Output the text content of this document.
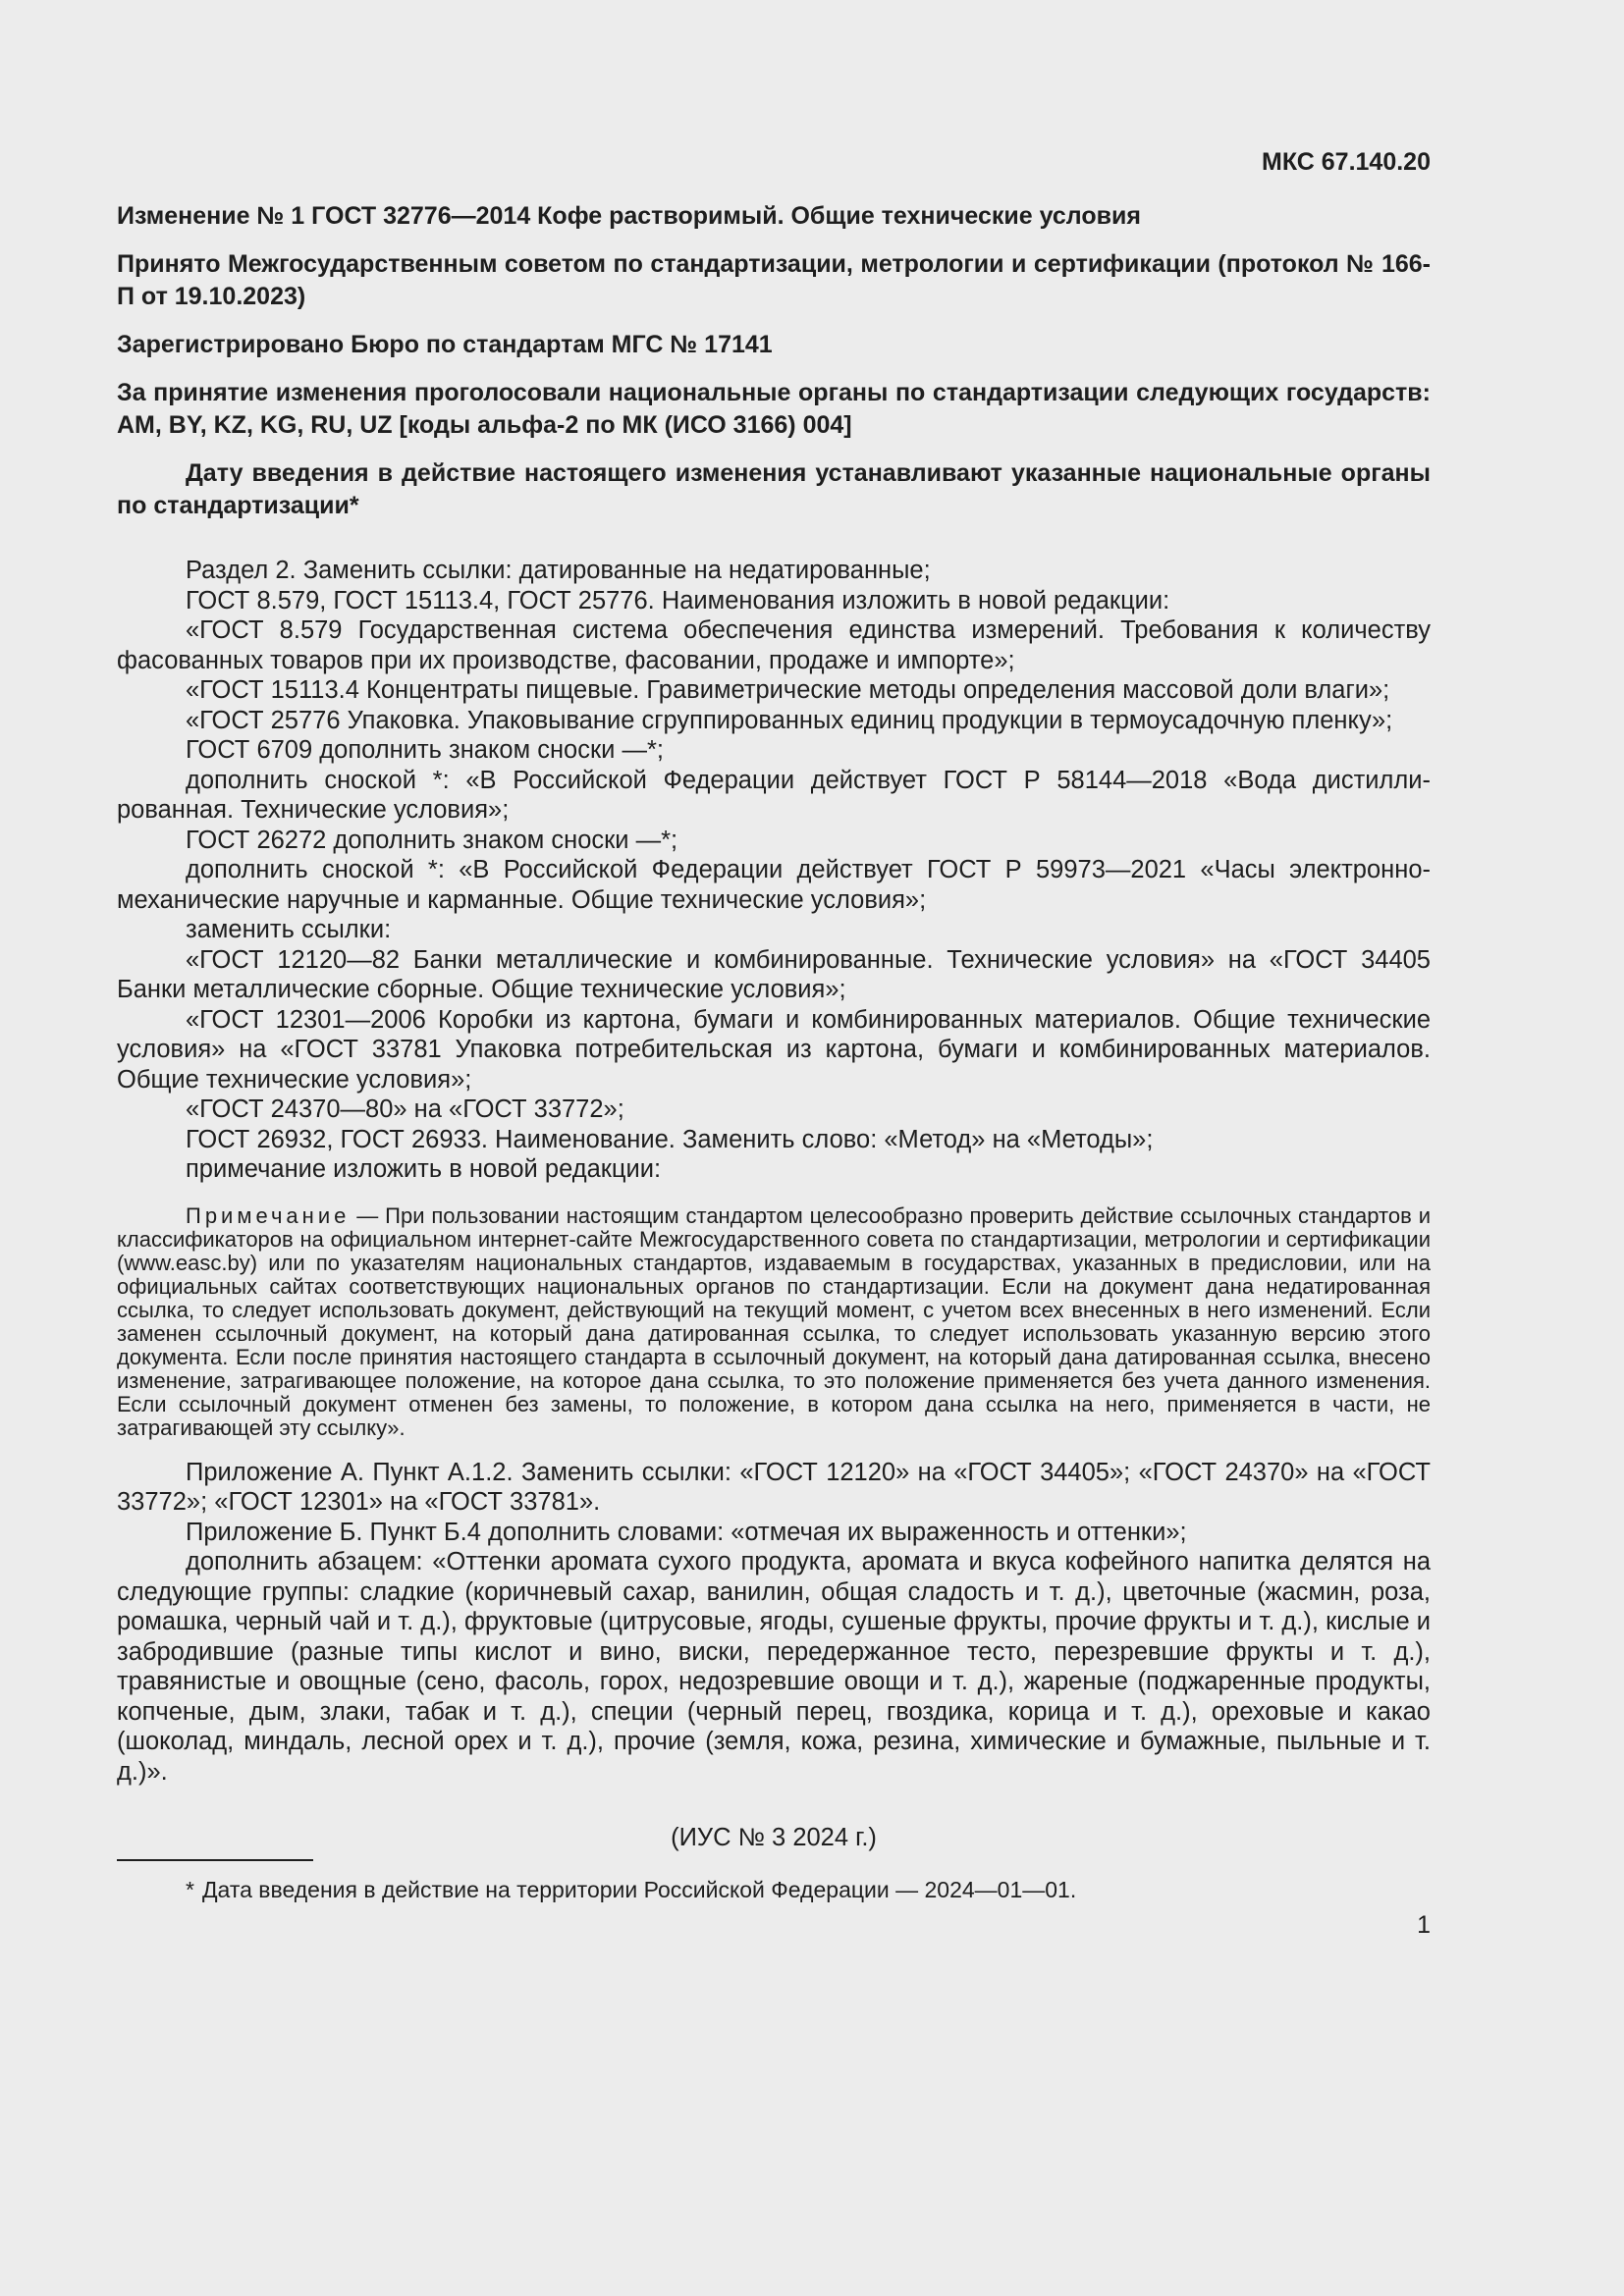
МКС 67.140.20
Изменение № 1 ГОСТ 32776—2014 Кофе растворимый. Общие технические условия
Принято Межгосударственным советом по стандартизации, метрологии и сертификации (протокол № 166-П от 19.10.2023)
Зарегистрировано Бюро по стандартам МГС № 17141
За принятие изменения проголосовали национальные органы по стандартизации следующих государств: AM, BY, KZ, KG, RU, UZ [коды альфа-2 по МК (ИСО 3166) 004]
Дату введения в действие настоящего изменения устанавливают указанные национальные органы по стандартизации*

Раздел 2. Заменить ссылки: датированные на недатированные;

ГОСТ 8.579, ГОСТ 15113.4, ГОСТ 25776. Наименования изложить в новой редакции:

«ГОСТ 8.579 Государственная система обеспечения единства измерений. Требования к количеству фасованных товаров при их производстве, фасовании, продаже и импорте»;

«ГОСТ 15113.4 Концентраты пищевые. Гравиметрические методы определения массовой доли влаги»;

«ГОСТ 25776 Упаковка. Упаковывание сгруппированных единиц продукции в термоусадочную пленку»;

ГОСТ 6709 дополнить знаком сноски —*;

дополнить сноской *: «В Российской Федерации действует ГОСТ Р 58144—2018 «Вода дистиллированная. Технические условия»;

ГОСТ 26272 дополнить знаком сноски —*;

дополнить сноской *: «В Российской Федерации действует ГОСТ Р 59973—2021 «Часы электронно-механические наручные и карманные. Общие технические условия»;

заменить ссылки:

«ГОСТ 12120—82 Банки металлические и комбинированные. Технические условия» на «ГОСТ 34405 Банки металлические сборные. Общие технические условия»;

«ГОСТ 12301—2006 Коробки из картона, бумаги и комбинированных материалов. Общие технические условия» на «ГОСТ 33781 Упаковка потребительская из картона, бумаги и комбинированных материалов. Общие технические условия»;

«ГОСТ 24370—80» на «ГОСТ 33772»;

ГОСТ 26932, ГОСТ 26933. Наименование. Заменить слово: «Метод» на «Методы»;

примечание изложить в новой редакции:

Примечание — При пользовании настоящим стандартом целесообразно проверить действие ссылочных стандартов и классификаторов на официальном интернет-сайте Межгосударственного совета по стандартизации, метрологии и сертификации (www.easc.by) или по указателям национальных стандартов, издаваемым в государствах, указанных в предисловии, или на официальных сайтах соответствующих национальных органов по стандартизации. Если на документ дана недатированная ссылка, то следует использовать документ, действующий на текущий момент, с учетом всех внесенных в него изменений. Если заменен ссылочный документ, на который дана датированная ссылка, то следует использовать указанную версию этого документа. Если после принятия настоящего стандарта в ссылочный документ, на который дана датированная ссылка, внесено изменение, затрагивающее положение, на которое дана ссылка, то это положение применяется без учета данного изменения. Если ссылочный документ отменен без замены, то положение, в котором дана ссылка на него, применяется в части, не затрагивающей эту ссылку».

Приложение А. Пункт А.1.2. Заменить ссылки: «ГОСТ 12120» на «ГОСТ 34405»; «ГОСТ 24370» на «ГОСТ 33772»; «ГОСТ 12301» на «ГОСТ 33781».

Приложение Б. Пункт Б.4 дополнить словами: «отмечая их выраженность и оттенки»;

дополнить абзацем: «Оттенки аромата сухого продукта, аромата и вкуса кофейного напитка делятся на следующие группы: сладкие (коричневый сахар, ванилин, общая сладость и т. д.), цветочные (жасмин, роза, ромашка, черный чай и т. д.), фруктовые (цитрусовые, ягоды, сушеные фрукты, прочие фрукты и т. д.), кислые и забродившие (разные типы кислот и вино, виски, передержанное тесто, перезревшие фрукты и т. д.), травянистые и овощные (сено, фасоль, горох, недозревшие овощи и т. д.), жареные (поджаренные продукты, копченые, дым, злаки, табак и т. д.), специи (черный перец, гвоздика, корица и т. д.), ореховые и какао (шоколад, миндаль, лесной орех и т. д.), прочие (земля, кожа, резина, химические и бумажные, пыльные и т. д.)».

(ИУС № 3 2024 г.)
* Дата введения в действие на территории Российской Федерации — 2024—01—01.
1
